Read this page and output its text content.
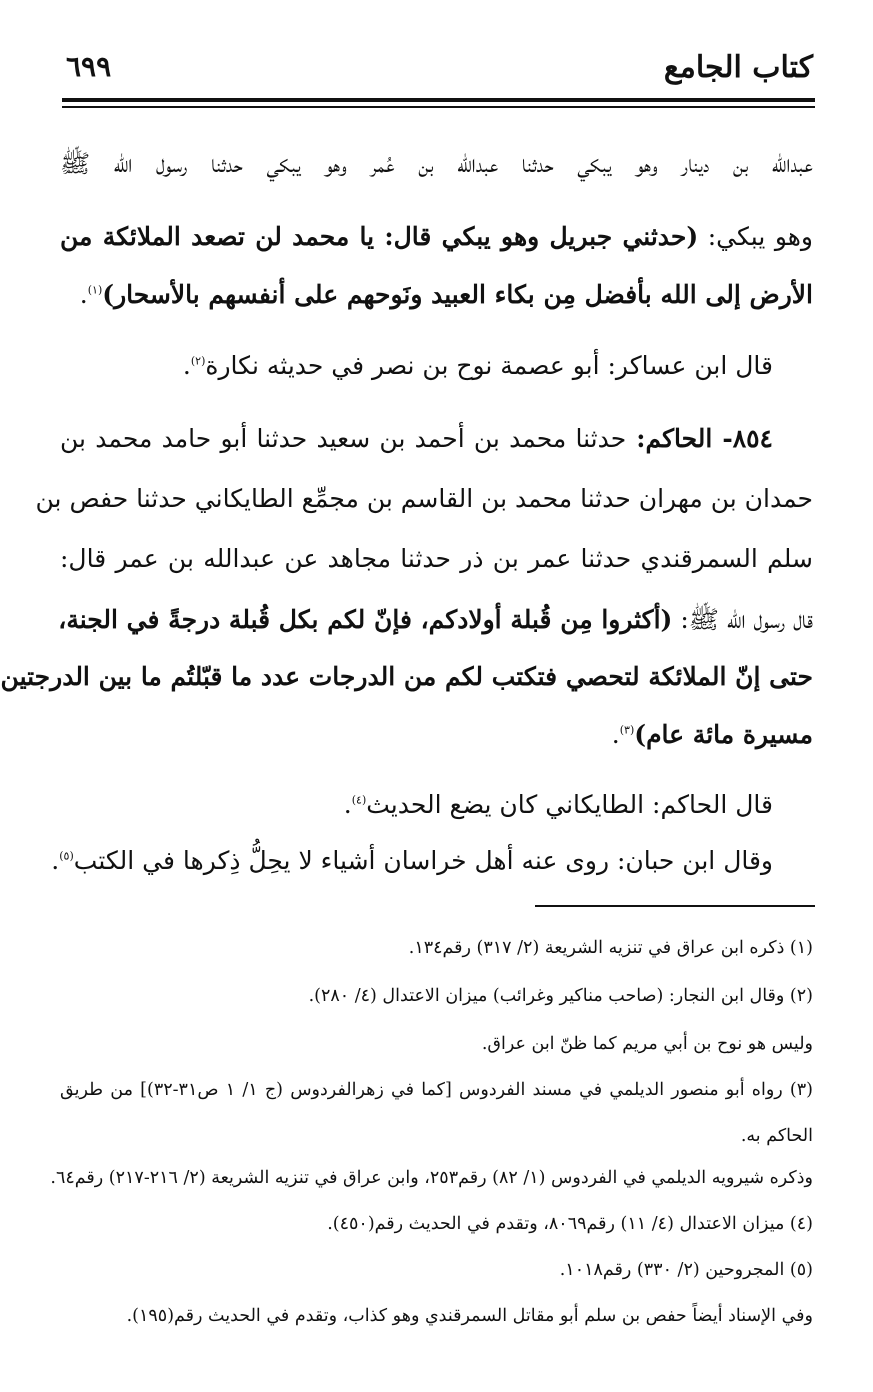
كتاب الجامع
٦٩٩
عبدالله بن دينار وهو يبكي حدثنا عبدالله بن عُمر وهو يبكي حدثنا رسول الله ﷺ
وهو يبكي: (حدثني جبريل وهو يبكي قال: يا محمد لن تصعد الملائكة من
الأرض إلى الله بأفضل مِن بكاء العبيد ونَوحهم على أنفسهم بالأسحار)$^{(١)}$.
قال ابن عساكر: أبو عصمة نوح بن نصر في حديثه نكارة$^{(٢)}$.
٨٥٤- الحاكم: حدثنا محمد بن أحمد بن سعيد حدثنا أبو حامد محمد بن
حمدان بن مهران حدثنا محمد بن القاسم بن مجمِّع الطايكاني حدثنا حفص بن
سلم السمرقندي حدثنا عمر بن ذر حدثنا مجاهد عن عبدالله بن عمر قال:
قال رسول الله ﷺ: (أكثروا مِن قُبلة أولادكم، فإنّ لكم بكل قُبلة درجةً في الجنة،
حتى إنّ الملائكة لتحصي فتكتب لكم من الدرجات عدد ما قبّلتُم ما بين الدرجتين
مسيرة مائة عام)$^{(٣)}$.
قال الحاكم: الطايكاني كان يضع الحديث$^{(٤)}$.
وقال ابن حبان: روى عنه أهل خراسان أشياء لا يحِلُّ ذِكرها في الكتب$^{(٥)}$.
(١) ذكره ابن عراق في تنزيه الشريعة (٢/ ٣١٧) رقم١٣٤.
(٢) وقال ابن النجار: (صاحب مناكير وغرائب) ميزان الاعتدال (٤/ ٢٨٠).
وليس هو نوح بن أبي مريم كما ظنّ ابن عراق.
(٣) رواه أبو منصور الديلمي في مسند الفردوس [كما في زهرالفردوس (ج ١/ ١ ص٣١-٣٢)] من طريق
الحاكم به.
وذكره شيرويه الديلمي في الفردوس (١/ ٨٢) رقم٢٥٣، وابن عراق في تنزيه الشريعة (٢/ ٢١٦-٢١٧) رقم٦٤.
(٤) ميزان الاعتدال (٤/ ١١) رقم٨٠٦٩، وتقدم في الحديث رقم(٤٥٠).
(٥) المجروحين (٢/ ٣٣٠) رقم١٠١٨.
وفي الإسناد أيضاً حفص بن سلم أبو مقاتل السمرقندي وهو كذاب، وتقدم في الحديث رقم(١٩٥).
